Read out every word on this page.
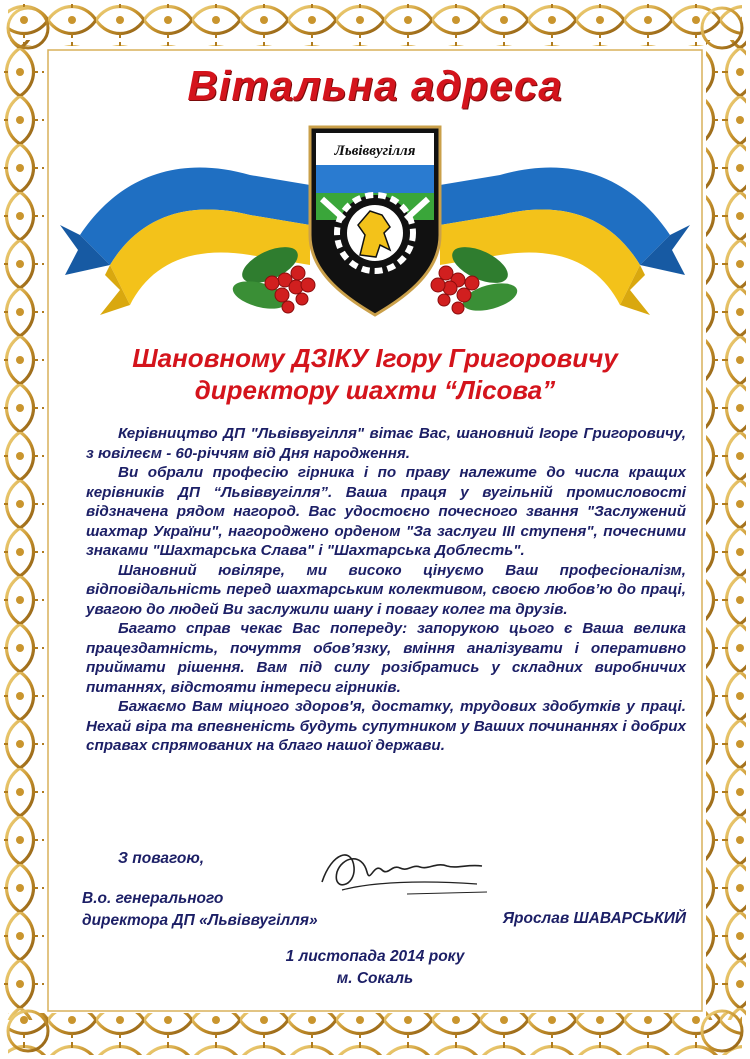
Вітальна адреса
Львіввугілля
Шановному ДЗІКУ Ігору Григоровичу
директору шахти “Лісова”

Керівництво ДП "Львіввугілля" вітає Вас, шановний Ігоре Григоровичу, з ювілеєм - 60-річчям від Дня народження.

Ви обрали професію гірника і по праву належите до числа кращих керівників ДП “Львіввугілля”. Ваша праця у вугільній промисловості відзначена рядом нагород. Вас удостоєно почесного звання "Заслужений шахтар України", нагороджено орденом "За заслуги ІІІ ступеня", почесними знаками "Шахтарська Слава" і "Шахтарська Доблесть".

Шановний ювіляре, ми високо цінуємо Ваш професіоналізм, відповідальність перед шахтарським колективом, своєю любов’ю до праці, увагою до людей Ви заслужили шану і повагу колег та друзів.

Багато справ чекає Вас попереду: запорукою цього є Ваша велика працездатність, почуття обов’язку, вміння аналізувати і оперативно приймати рішення. Вам під силу розібратись у складних виробничих питаннях, відстояти інтереси гірників.

Бажаємо Вам міцного здоров'я, достатку, трудових здобутків у праці. Нехай віра та впевненість будуть супутником у Ваших починаннях і добрих справах спрямованих на благо нашої держави.

З повагою,
В.о. генерального
директора ДП «Львіввугілля»	Ярослав ШАВАРСЬКИЙ
1 листопада 2014 року
м. Сокаль
